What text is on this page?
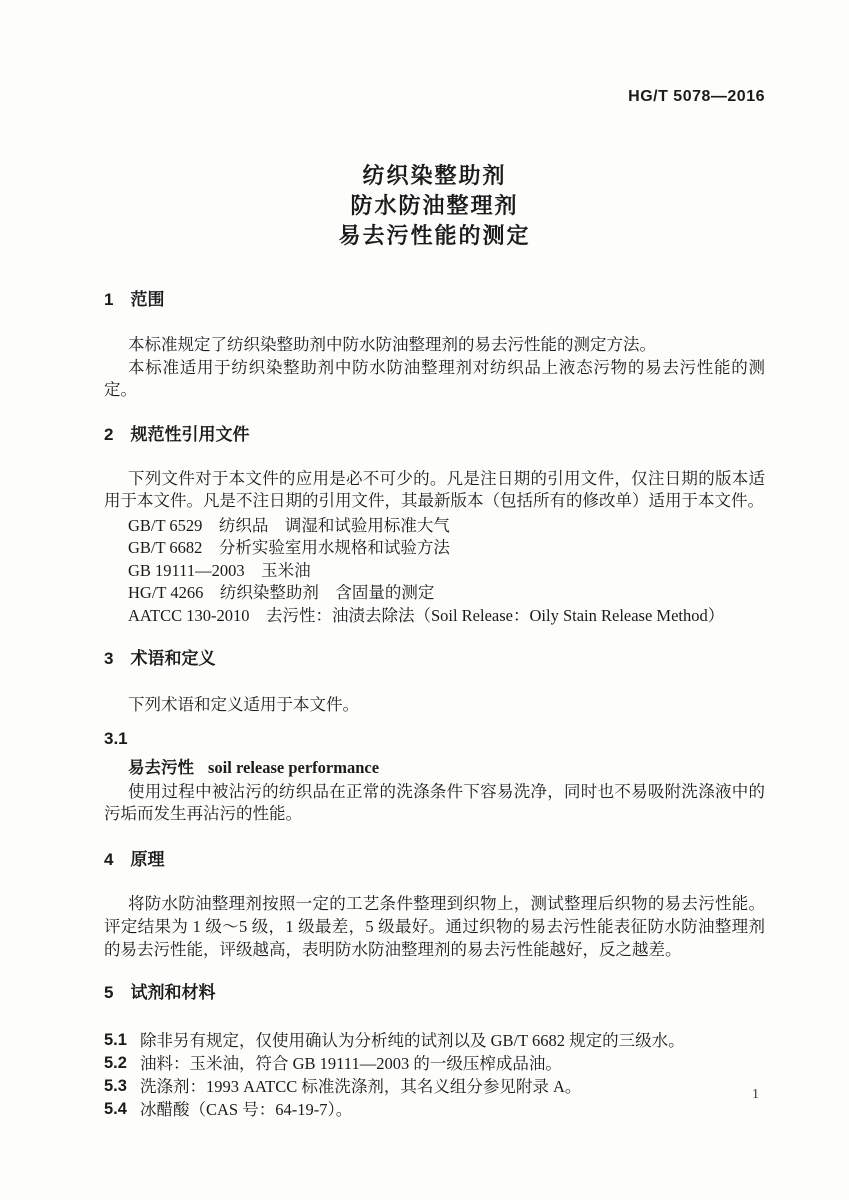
HG/T 5078—2016
纺织染整助剂
防水防油整理剂
易去污性能的测定
1　范围

本标准规定了纺织染整助剂中防水防油整理剂的易去污性能的测定方法。

本标准适用于纺织染整助剂中防水防油整理剂对纺织品上液态污物的易去污性能的测定。

2　规范性引用文件

下列文件对于本文件的应用是必不可少的。凡是注日期的引用文件，仅注日期的版本适用于本文件。凡是不注日期的引用文件，其最新版本（包括所有的修改单）适用于本文件。

GB/T 6529　纺织品　调湿和试验用标准大气
GB/T 6682　分析实验室用水规格和试验方法
GB 19111—2003　玉米油
HG/T 4266　纺织染整助剂　含固量的测定
AATCC 130-2010　去污性：油渍去除法（Soil Release：Oily Stain Release Method）
3　术语和定义

下列术语和定义适用于本文件。

3.1
易去污性 soil release performance
使用过程中被沾污的纺织品在正常的洗涤条件下容易洗净，同时也不易吸附洗涤液中的污垢而发生再沾污的性能。
4　原理
将防水防油整理剂按照一定的工艺条件整理到织物上，测试整理后织物的易去污性能。评定结果为 1 级～5 级，1 级最差，5 级最好。通过织物的易去污性能表征防水防油整理剂的易去污性能，评级越高，表明防水防油整理剂的易去污性能越好，反之越差。
5　试剂和材料
5.1 除非另有规定，仅使用确认为分析纯的试剂以及 GB/T 6682 规定的三级水。
5.2 油料：玉米油，符合 GB 19111—2003 的一级压榨成品油。
5.3 洗涤剂：1993 AATCC 标准洗涤剂，其名义组分参见附录 A。
5.4 冰醋酸（CAS 号：64-19-7）。
1
